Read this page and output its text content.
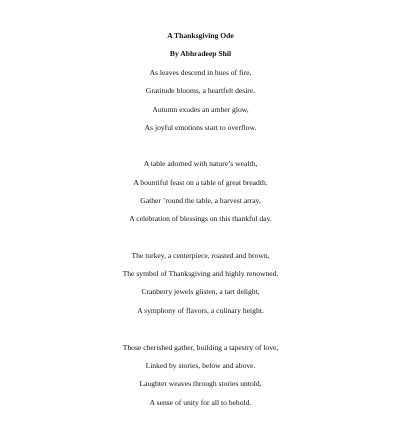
A Thanksgiving Ode
By Abhradeep Shil
As leaves descend in hues of fire,
Gratitude blooms, a heartfelt desire.
Autumn exudes an amber glow,
As joyful emotions start to overflow.
A table adorned with nature’s wealth,
A bountiful feast on a table of great breadth.
Gather ’round the table, a harvest array,
A celebration of blessings on this thankful day.
The turkey, a centerpiece, roasted and brown,
The symbol of Thanksgiving and highly renowned.
Cranberry jewels glisten, a tart delight,
A symphony of flavors, a culinary height.
Those cherished gather, building a tapestry of love,
Linked by stories, below and above.
Laughter weaves through stories untold,
A sense of unity for all to behold.
